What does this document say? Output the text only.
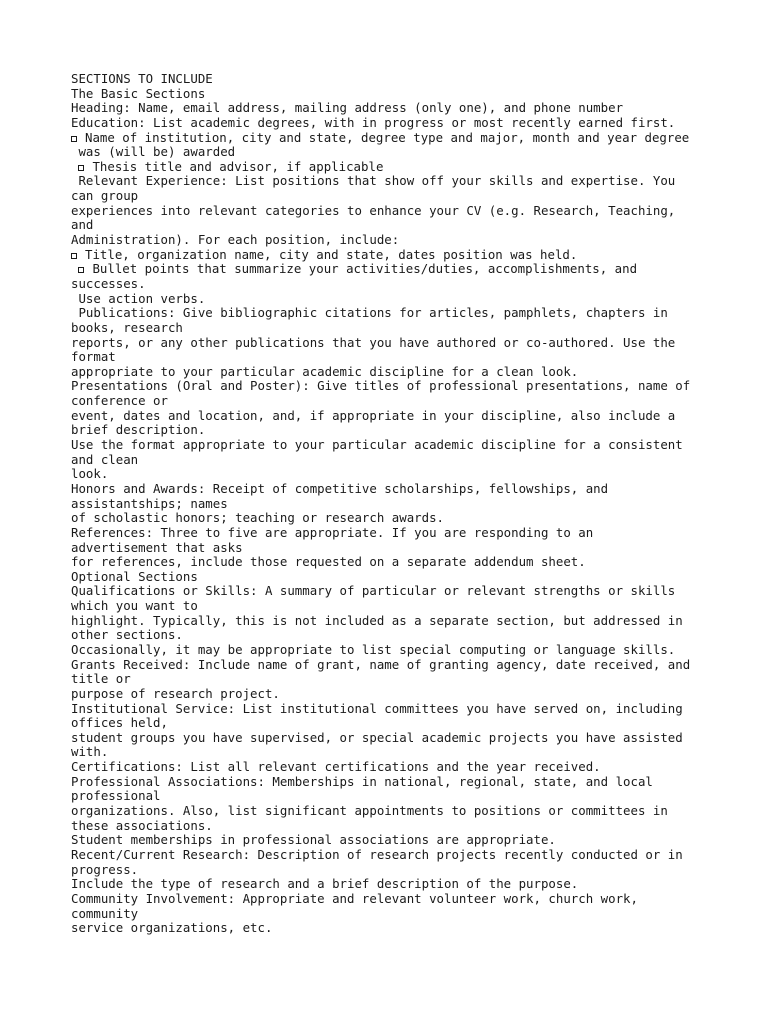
SECTIONS TO INCLUDE
The Basic Sections
Heading: Name, email address, mailing address (only one), and phone number
Education: List academic degrees, with in progress or most recently earned first.
Name of institution, city and state, degree type and major, month and year degree
was (will be) awarded
Thesis title and advisor, if applicable
Relevant Experience: List positions that show off your skills and expertise. You
can group
experiences into relevant categories to enhance your CV (e.g. Research, Teaching,
and
Administration). For each position, include:
Title, organization name, city and state, dates position was held.
Bullet points that summarize your activities/duties, accomplishments, and
successes.
Use action verbs.
Publications: Give bibliographic citations for articles, pamphlets, chapters in
books, research
reports, or any other publications that you have authored or co-authored. Use the
format
appropriate to your particular academic discipline for a clean look.
Presentations (Oral and Poster): Give titles of professional presentations, name of
conference or
event, dates and location, and, if appropriate in your discipline, also include a
brief description.
Use the format appropriate to your particular academic discipline for a consistent
and clean
look.
Honors and Awards: Receipt of competitive scholarships, fellowships, and
assistantships; names
of scholastic honors; teaching or research awards.
References: Three to five are appropriate. If you are responding to an
advertisement that asks
for references, include those requested on a separate addendum sheet.
Optional Sections
Qualifications or Skills: A summary of particular or relevant strengths or skills
which you want to
highlight. Typically, this is not included as a separate section, but addressed in
other sections.
Occasionally, it may be appropriate to list special computing or language skills.
Grants Received: Include name of grant, name of granting agency, date received, and
title or
purpose of research project.
Institutional Service: List institutional committees you have served on, including
offices held,
student groups you have supervised, or special academic projects you have assisted
with.
Certifications: List all relevant certifications and the year received.
Professional Associations: Memberships in national, regional, state, and local
professional
organizations. Also, list significant appointments to positions or committees in
these associations.
Student memberships in professional associations are appropriate.
Recent/Current Research: Description of research projects recently conducted or in
progress.
Include the type of research and a brief description of the purpose.
Community Involvement: Appropriate and relevant volunteer work, church work,
community
service organizations, etc.
